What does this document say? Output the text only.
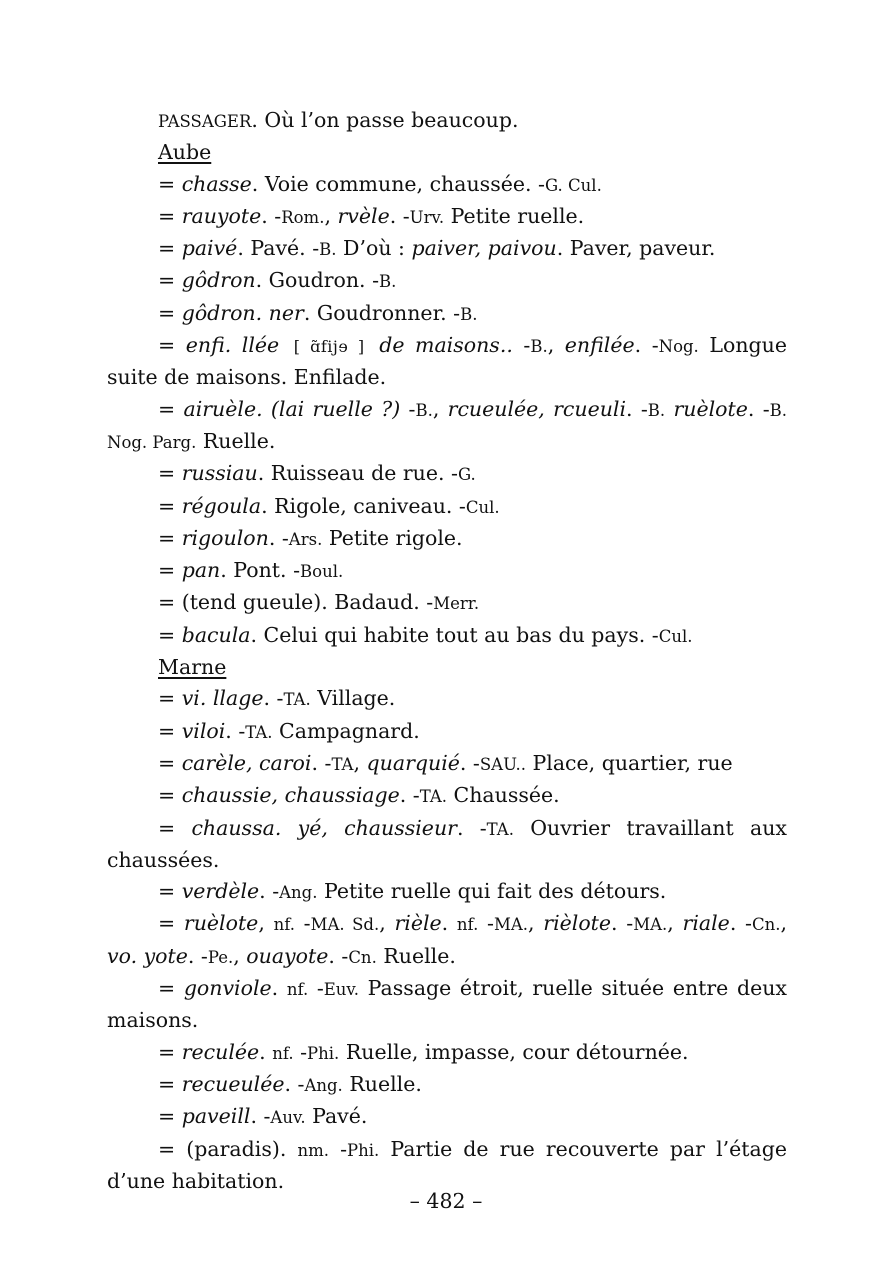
PASSAGER. Où l’on passe beaucoup.
Aube
= chasse. Voie commune, chaussée. -G. Cul.
= rauyote. -Rom., rvèle. -Urv. Petite ruelle.
= paivé. Pavé. -B. D’où : paiver, paivou. Paver, paveur.
= gôdron. Goudron. -B.
= gôdron. ner. Goudronner. -B.
= enfi. llée [ ɑ̃fijɘ ] de maisons.. -B., enfilée. -Nog. Longue suite de maisons. Enfilade.
= airuèle. (lai ruelle ?) -B., rcueulée, rcueuli. -B. ruèlote. -B. Nog. Parg. Ruelle.
= russiau. Ruisseau de rue. -G.
= régoula. Rigole, caniveau. -Cul.
= rigoulon. -Ars. Petite rigole.
= pan. Pont. -Boul.
= (tend gueule). Badaud. -Merr.
= bacula. Celui qui habite tout au bas du pays. -Cul.
Marne
= vi. llage. -TA. Village.
= viloi. -TA. Campagnard.
= carèle, caroi. -TA, quarquié. -SAU.. Place, quartier, rue
= chaussie, chaussiage. -TA. Chaussée.
= chaussa. yé, chaussieur. -TA. Ouvrier travaillant aux chaussées.
= verdèle. -Ang. Petite ruelle qui fait des détours.
= ruèlote, nf. -MA. Sd., rièle. nf. -MA., rièlote. -MA., riale. -Cn., vo. yote. -Pe., ouayote. -Cn. Ruelle.
= gonviole. nf. -Euv. Passage étroit, ruelle située entre deux maisons.
= reculée. nf. -Phi. Ruelle, impasse, cour détournée.
= recueulée. -Ang. Ruelle.
= paveill. -Auv. Pavé.
= (paradis). nm. -Phi. Partie de rue recouverte par l’étage d’une habitation.
– 482 –
